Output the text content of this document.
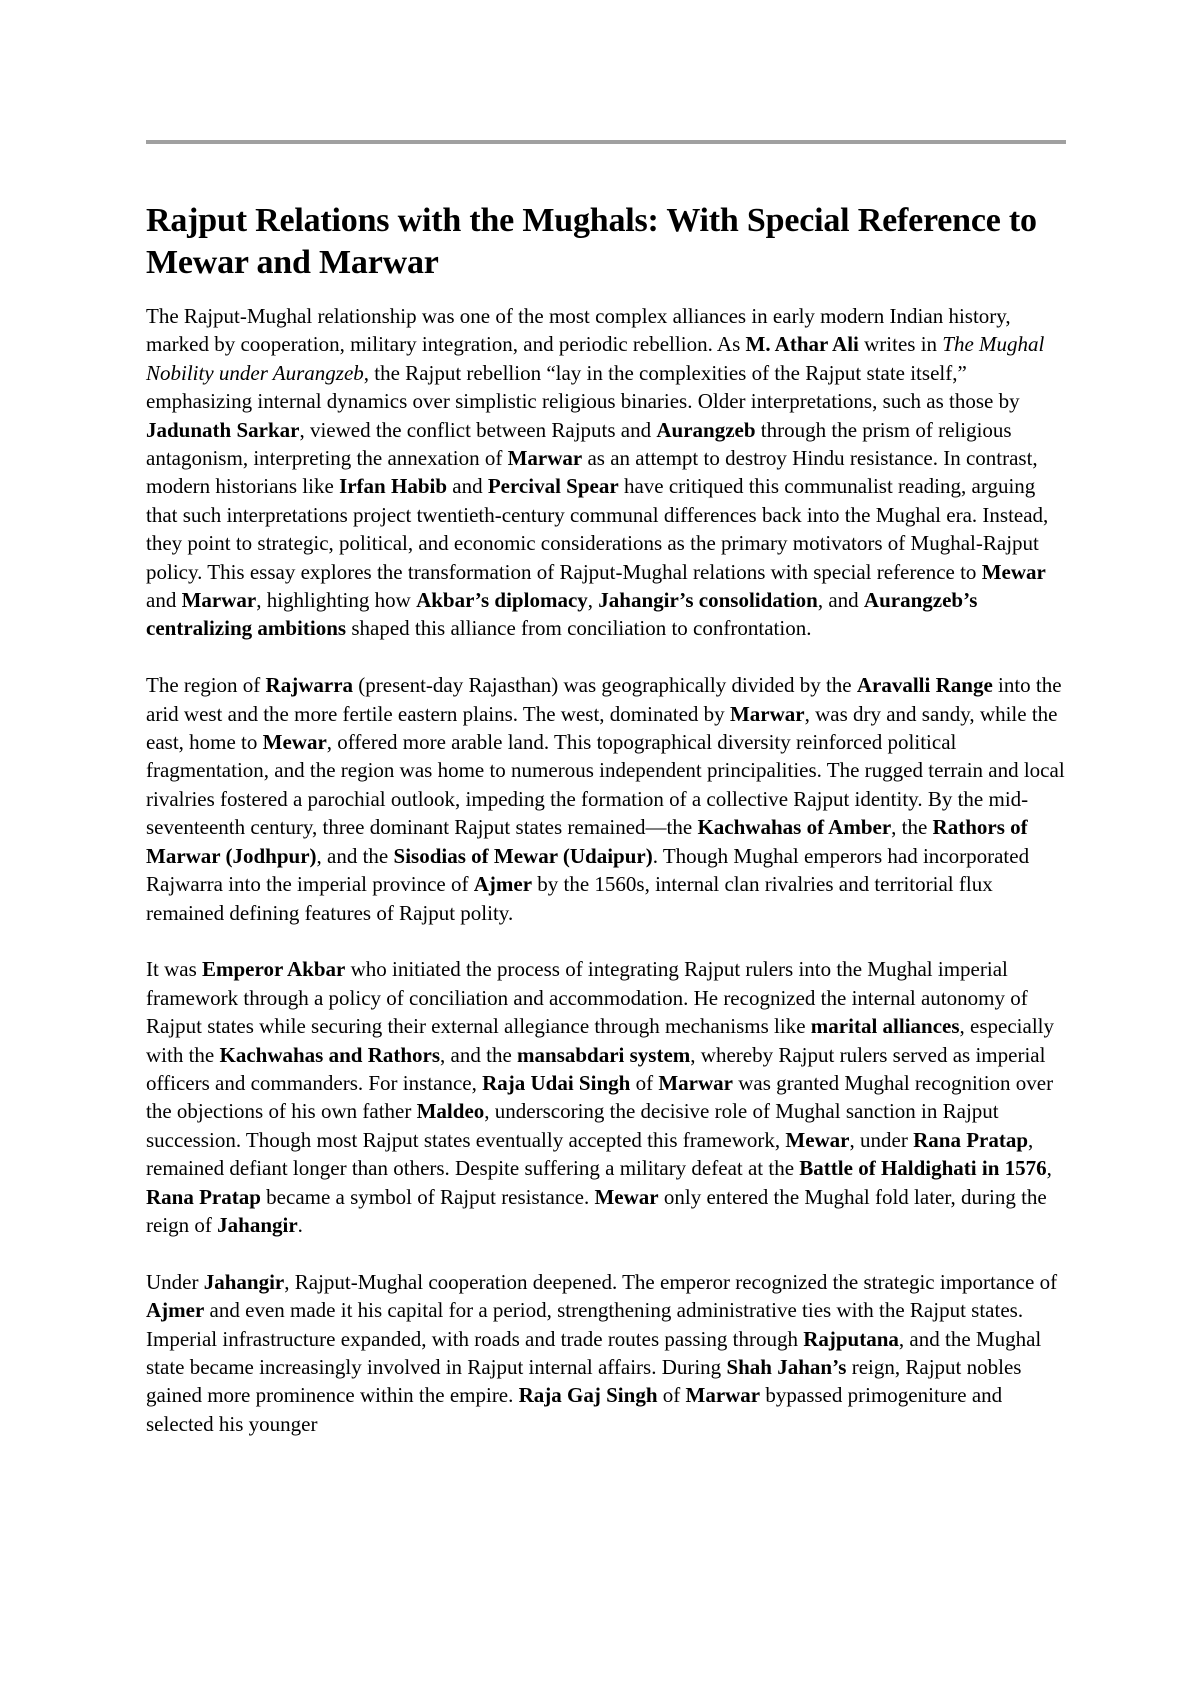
Rajput Relations with the Mughals: With Special Reference to Mewar and Marwar

The Rajput-Mughal relationship was one of the most complex alliances in early modern Indian history, marked by cooperation, military integration, and periodic rebellion. As M. Athar Ali writes in The Mughal Nobility under Aurangzeb, the Rajput rebellion “lay in the complexities of the Rajput state itself,” emphasizing internal dynamics over simplistic religious binaries. Older interpretations, such as those by Jadunath Sarkar, viewed the conflict between Rajputs and Aurangzeb through the prism of religious antagonism, interpreting the annexation of Marwar as an attempt to destroy Hindu resistance. In contrast, modern historians like Irfan Habib and Percival Spear have critiqued this communalist reading, arguing that such interpretations project twentieth-century communal differences back into the Mughal era. Instead, they point to strategic, political, and economic considerations as the primary motivators of Mughal-Rajput policy. This essay explores the transformation of Rajput-Mughal relations with special reference to Mewar and Marwar, highlighting how Akbar’s diplomacy, Jahangir’s consolidation, and Aurangzeb’s centralizing ambitions shaped this alliance from conciliation to confrontation.

The region of Rajwarra (present-day Rajasthan) was geographically divided by the Aravalli Range into the arid west and the more fertile eastern plains. The west, dominated by Marwar, was dry and sandy, while the east, home to Mewar, offered more arable land. This topographical diversity reinforced political fragmentation, and the region was home to numerous independent principalities. The rugged terrain and local rivalries fostered a parochial outlook, impeding the formation of a collective Rajput identity. By the mid-seventeenth century, three dominant Rajput states remained—the Kachwahas of Amber, the Rathors of Marwar (Jodhpur), and the Sisodias of Mewar (Udaipur). Though Mughal emperors had incorporated Rajwarra into the imperial province of Ajmer by the 1560s, internal clan rivalries and territorial flux remained defining features of Rajput polity.

It was Emperor Akbar who initiated the process of integrating Rajput rulers into the Mughal imperial framework through a policy of conciliation and accommodation. He recognized the internal autonomy of Rajput states while securing their external allegiance through mechanisms like marital alliances, especially with the Kachwahas and Rathors, and the mansabdari system, whereby Rajput rulers served as imperial officers and commanders. For instance, Raja Udai Singh of Marwar was granted Mughal recognition over the objections of his own father Maldeo, underscoring the decisive role of Mughal sanction in Rajput succession. Though most Rajput states eventually accepted this framework, Mewar, under Rana Pratap, remained defiant longer than others. Despite suffering a military defeat at the Battle of Haldighati in 1576, Rana Pratap became a symbol of Rajput resistance. Mewar only entered the Mughal fold later, during the reign of Jahangir.

Under Jahangir, Rajput-Mughal cooperation deepened. The emperor recognized the strategic importance of Ajmer and even made it his capital for a period, strengthening administrative ties with the Rajput states. Imperial infrastructure expanded, with roads and trade routes passing through Rajputana, and the Mughal state became increasingly involved in Rajput internal affairs. During Shah Jahan’s reign, Rajput nobles gained more prominence within the empire. Raja Gaj Singh of Marwar bypassed primogeniture and selected his younger
